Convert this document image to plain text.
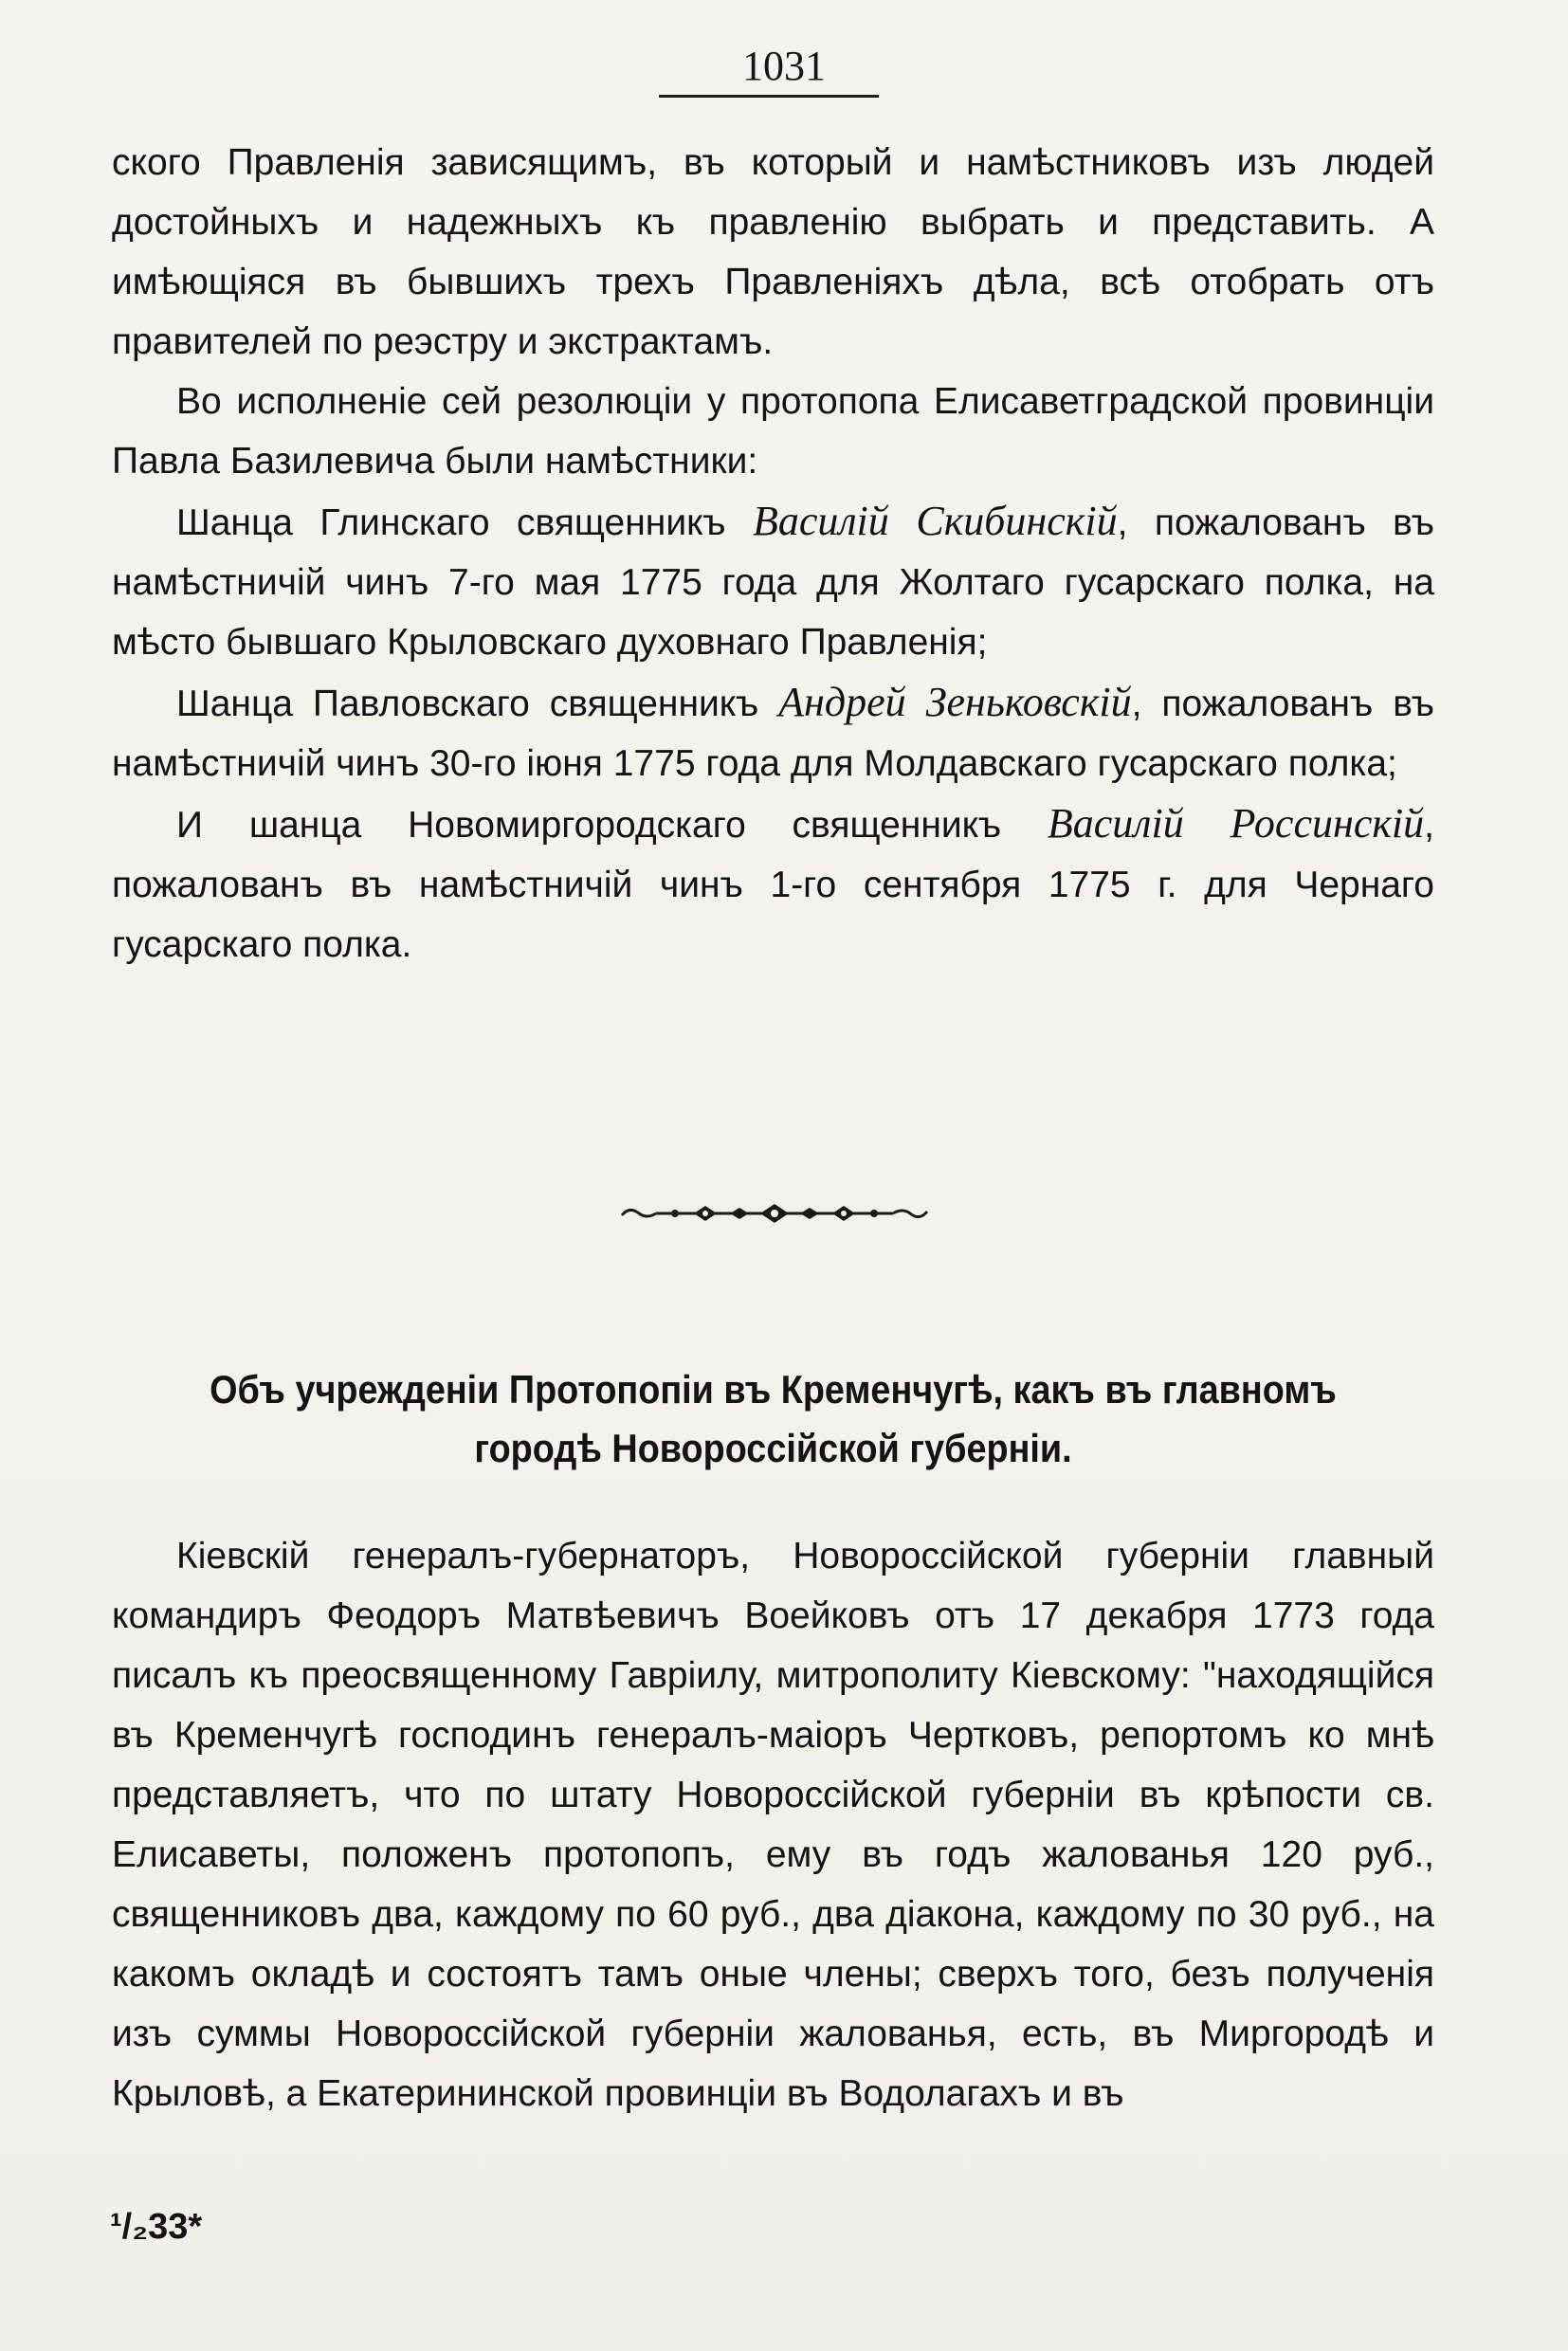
1031

ского Правленія зависящимъ, въ который и намѣстниковъ изъ людей достойныхъ и надежныхъ къ правленію выбрать и представить. А имѣющіяся въ бывшихъ трехъ Правленіяхъ дѣла, всѣ отобрать отъ правителей по реэстру и экстрактамъ.

Во исполненіе сей резолюціи у протопопа Елисаветградской провинціи Павла Базилевича были намѣстники:

Шанца Глинскаго священникъ Василій Скибинскій, пожалованъ въ намѣстничій чинъ 7-го мая 1775 года для Жолтаго гусарскаго полка, на мѣсто бывшаго Крыловскаго духовнаго Правленія;

Шанца Павловскаго священникъ Андрей Зеньковскій, пожалованъ въ намѣстничій чинъ 30-го іюня 1775 года для Молдавскаго гусарскаго полка;

И шанца Новомиргородскаго священникъ Василій Россинскій, пожалованъ въ намѣстничій чинъ 1-го сентября 1775 г. для Чернаго гусарскаго полка.

Объ учрежденіи Протопопіи въ Кременчугѣ, какъ въ главномъ
городѣ Новороссійской губерніи.

Кіевскій генералъ-губернаторъ, Новороссійской губерніи главный командиръ Феодоръ Матвѣевичъ Воейковъ отъ 17 декабря 1773 года писалъ къ преосвященному Гавріилу, митрополиту Кіевскому: "находящійся въ Кременчугѣ господинъ генералъ-маіоръ Чертковъ, репортомъ ко мнѣ представляетъ, что по штату Новороссійской губерніи въ крѣпости св. Елисаветы, положенъ протопопъ, ему въ годъ жалованья 120 руб., священниковъ два, каждому по 60 руб., два діакона, каждому по 30 руб., на какомъ окладѣ и состоятъ тамъ оные члены; сверхъ того, безъ полученія изъ суммы Новороссійской губерніи жалованья, есть, въ Миргородѣ и Крыловѣ, а Екатерининской провинціи въ Водолагахъ и въ

¹/₂33*
